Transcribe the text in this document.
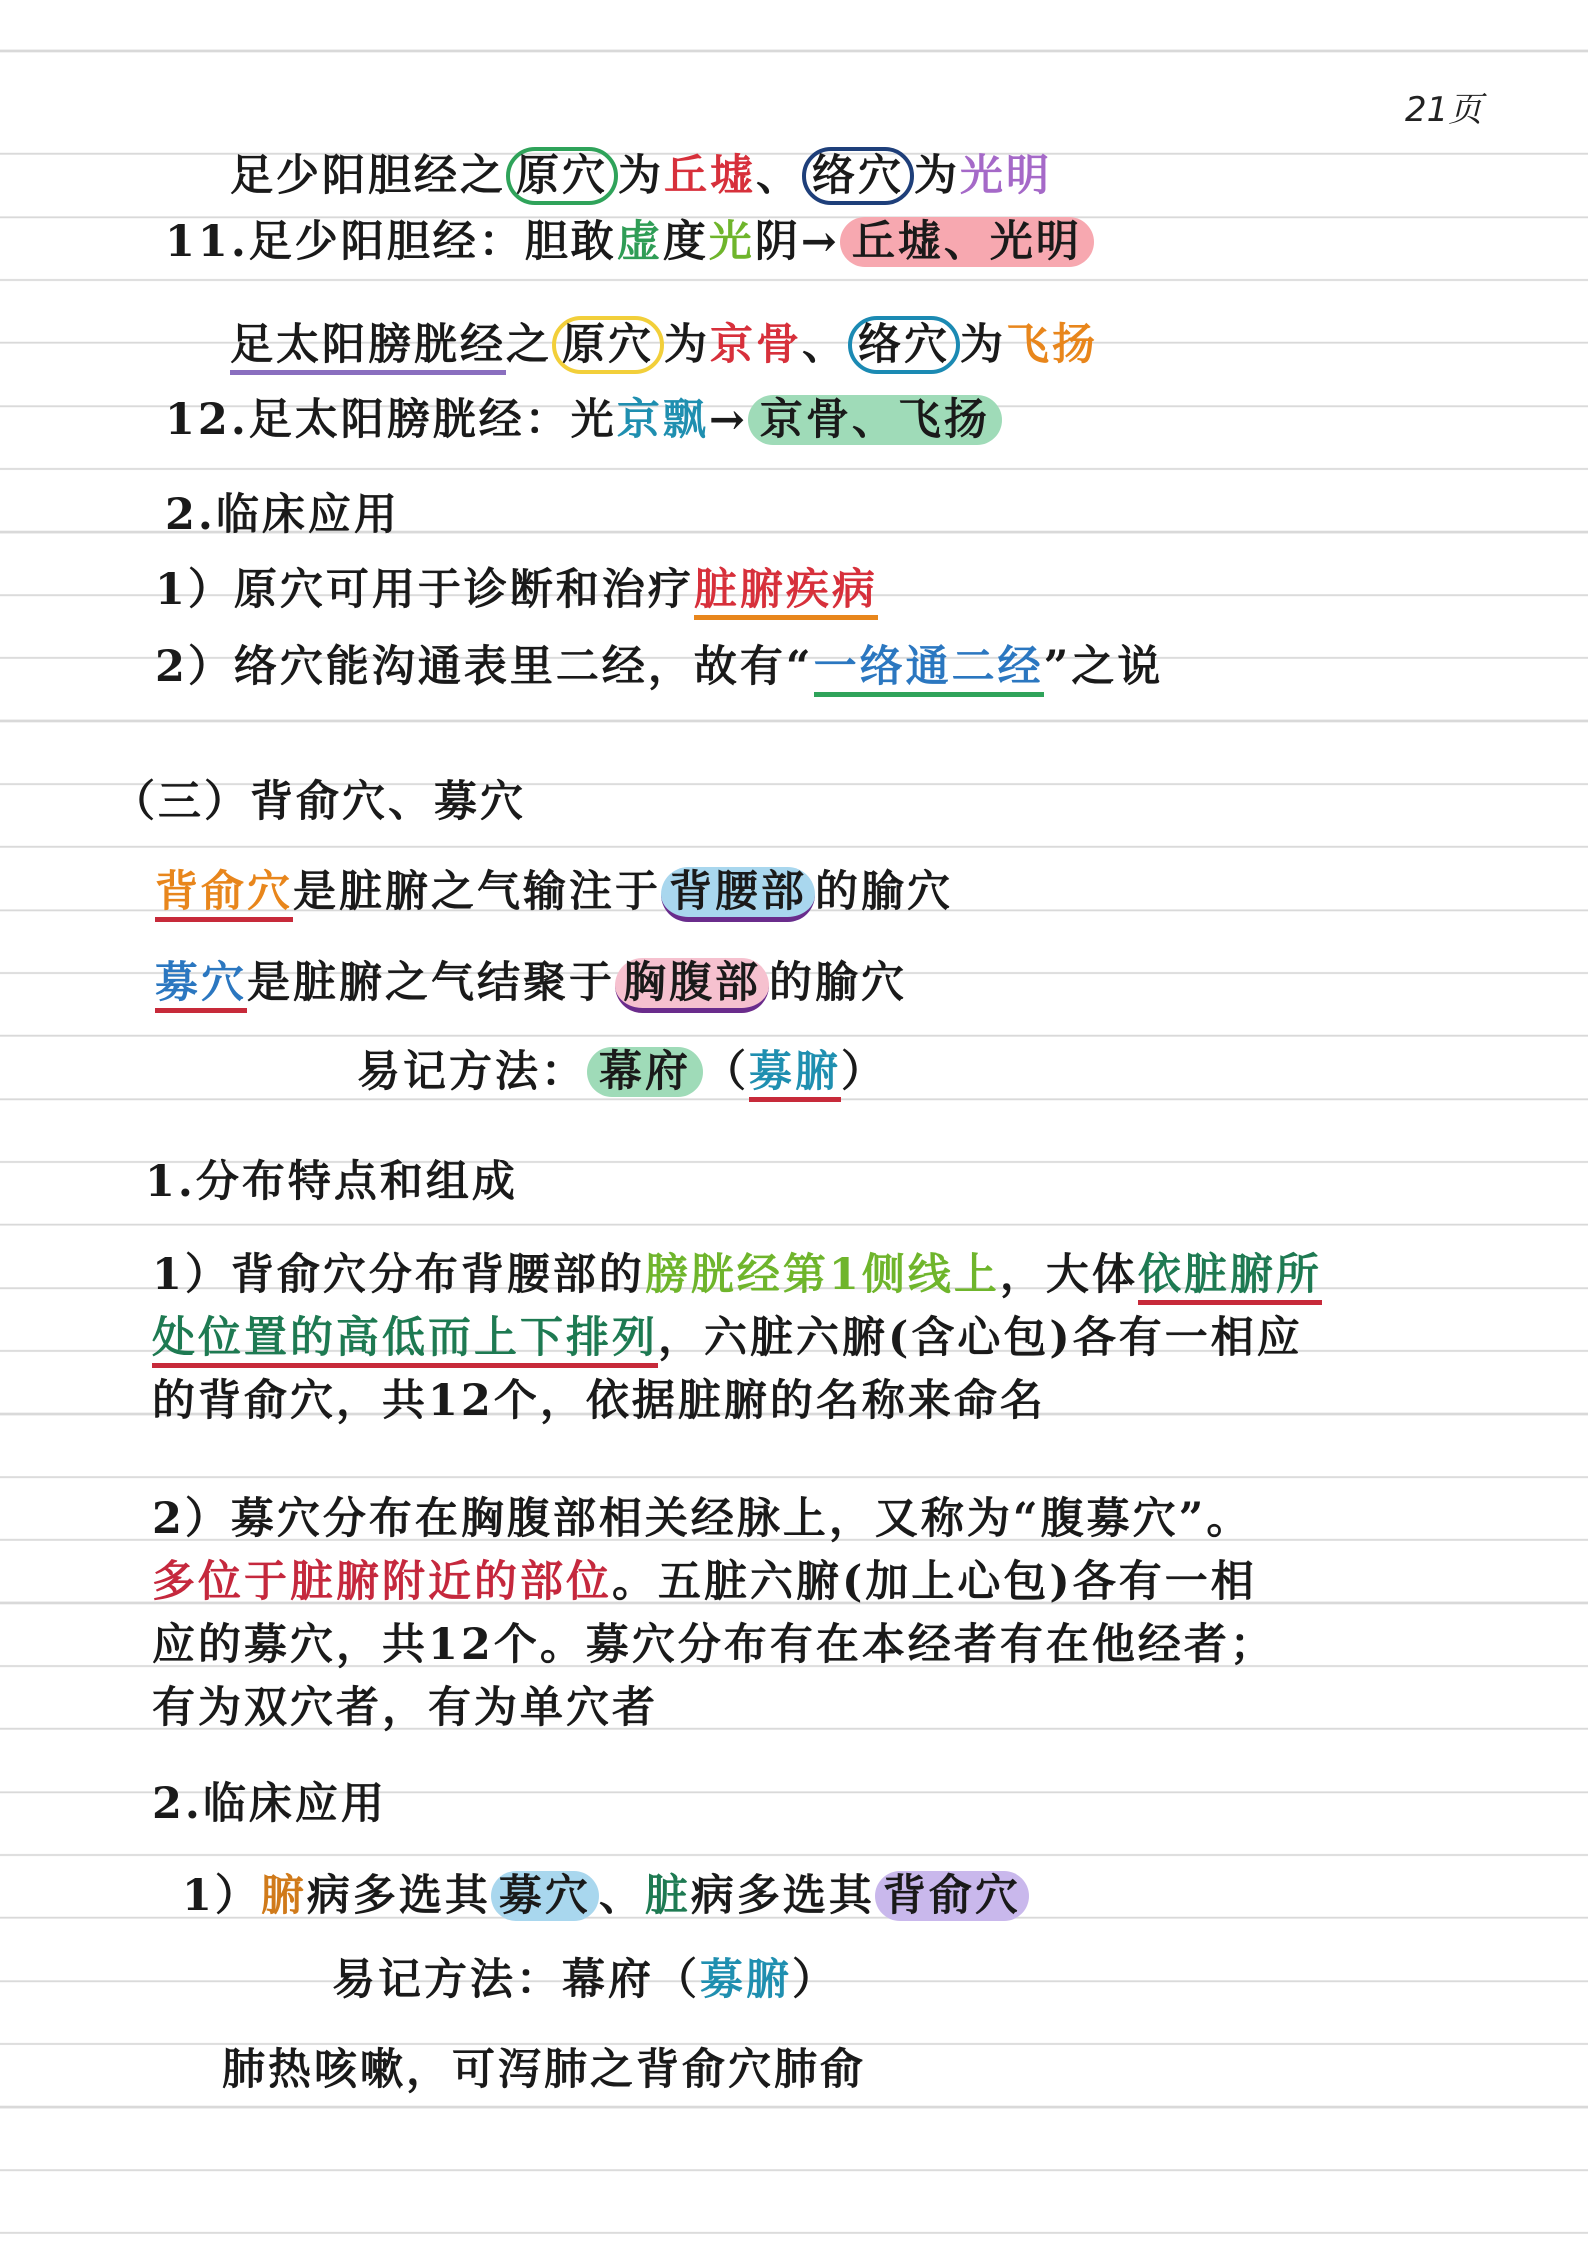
21页
足少阳胆经之 原穴 为丘墟、 络穴 为光明
11.足少阳胆经：胆敢虚度光阴→ 丘墟、光明
足太阳膀胱经之 原穴 为京骨、 络穴 为飞扬
12.足太阳膀胱经：光京飘→ 京骨、飞扬
2.临床应用
1）原穴可用于诊断和治疗脏腑疾病
2）络穴能沟通表里二经，故有“一络通二经”之说
（三）背俞穴、募穴
背俞穴是脏腑之气输注于 背腰部 的腧穴
募穴是脏腑之气结聚于 胸腹部 的腧穴
易记方法： 幕府 （募腑）
1.分布特点和组成
1）背俞穴分布背腰部的膀胱经第1侧线上，大体依脏腑所
处位置的高低而上下排列，六脏六腑(含心包)各有一相应
的背俞穴，共12个，依据脏腑的名称来命名
2）募穴分布在胸腹部相关经脉上，又称为“腹募穴”。
多位于脏腑附近的部位。五脏六腑(加上心包)各有一相
应的募穴，共12个。募穴分布有在本经者有在他经者；
有为双穴者，有为单穴者
2.临床应用
1）腑病多选其 募穴 、脏病多选其 背俞穴
易记方法：幕府（募腑）
肺热咳嗽，可泻肺之背俞穴肺俞
